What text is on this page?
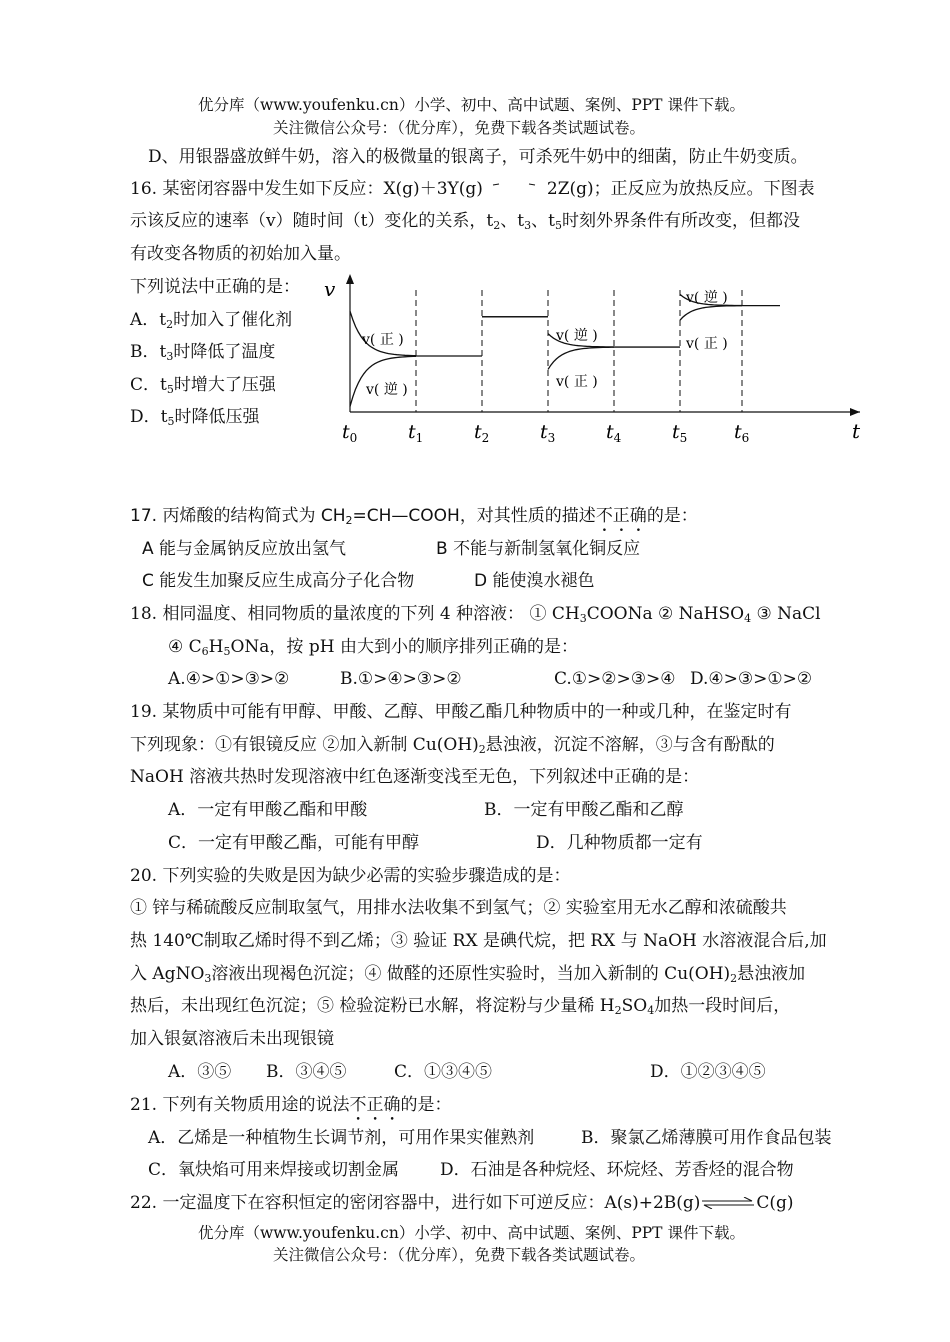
优分库（www.youfenku.cn）小学、初中、高中试题、案例、PPT 课件下载。
关注微信公众号：（优分库），免费下载各类试题试卷。
D、用银器盛放鲜牛奶，溶入的极微量的银离子，可杀死牛奶中的细菌，防止牛奶变质。
16. 某密闭容器中发生如下反应：X(g)＋3Y(g)	2Z(g)；正反应为放热反应。下图表
示该反应的速率（v）随时间（t）变化的关系，$t_2$、$t_3$、$t_5$时刻外界条件有所改变，但都没
有改变各物质的初始加入量。
下列说法中正确的是：
A．$t_2$时加入了催化剂
B．$t_3$时降低了温度
C．$t_5$时增大了压强
D．$t_5$时降低压强
v
t
$t_0$	$t_1$	$t_2$	$t_3$	$t_4$	$t_5$ $t_6$
v( 正 )
v( 逆 )
v( 逆 )
v( 正 )
v( 逆 )
v( 正 )
17. 丙烯酸的结构简式为 $CH_2=CH—COOH$，对其性质的描述不正确的是：
A 能与金属钠反应放出氢气	B 不能与新制氢氧化铜反应
C 能发生加聚反应生成高分子化合物	D 能使溴水褪色
18. 相同温度、相同物质的量浓度的下列 4 种溶液： ① $CH_3COONa$ ② NaHSO$_4$ ③ NaCl
④ $C_6H_5ONa$，按 pH 由大到小的顺序排列正确的是：
A.④>①>③>②	B.①>④>③>②	C.①>②>③>④ D.④>③>①>②
19. 某物质中可能有甲醇、甲酸、乙醇、甲酸乙酯几种物质中的一种或几种，在鉴定时有
下列现象：①有银镜反应 ②加入新制 $Cu(OH)_2$悬浊液，沉淀不溶解，③与含有酚酞的
NaOH 溶液共热时发现溶液中红色逐渐变浅至无色，下列叙述中正确的是：
A．一定有甲酸乙酯和甲酸	B．一定有甲酸乙酯和乙醇
C．一定有甲酸乙酯，可能有甲醇	D．几种物质都一定有
20. 下列实验的失败是因为缺少必需的实验步骤造成的是：
① 锌与稀硫酸反应制取氢气，用排水法收集不到氢气；② 实验室用无水乙醇和浓硫酸共
热 140℃制取乙烯时得不到乙烯；③ 验证 RX 是碘代烷，把 RX 与 NaOH 水溶液混合后,加
入 AgNO$_3$溶液出现褐色沉淀；④ 做醛的还原性实验时，当加入新制的 $Cu(OH)_2$悬浊液加
热后，未出现红色沉淀；⑤ 检验淀粉已水解，将淀粉与少量稀 $H_2SO_4$加热一段时间后，
加入银氨溶液后未出现银镜
A．③⑤ B．③④⑤	C．①③④⑤	D．①②③④⑤
21. 下列有关物质用途的说法不正确的是：
A．乙烯是一种植物生长调节剂，可用作果实催熟剂	B．聚氯乙烯薄膜可用作食品包装
C．氧炔焰可用来焊接或切割金属 D．石油是各种烷烃、环烷烃、芳香烃的混合物
22. 一定温度下在容积恒定的密闭容器中，进行如下可逆反应：A(s)+2B(g)⇌C(g)
优分库（www.youfenku.cn）小学、初中、高中试题、案例、PPT 课件下载。
关注微信公众号：（优分库），免费下载各类试题试卷。
